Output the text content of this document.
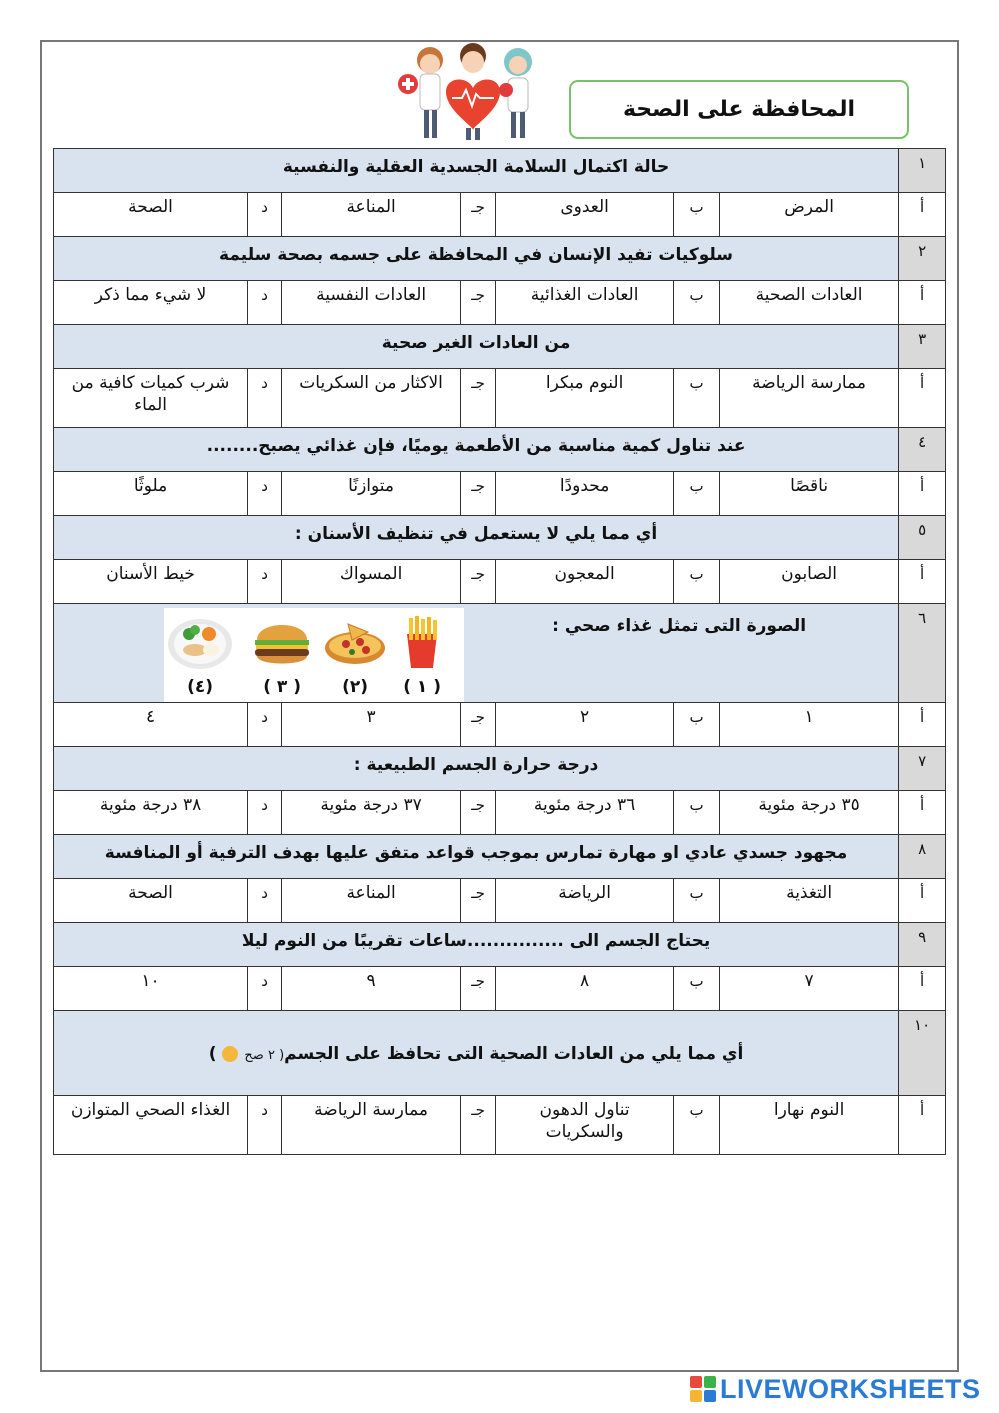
المحافظة على الصحة
١	حالة اكتمال السلامة الجسدية العقلية والنفسية						
أ	المرض	ب	العدوى	جـ	المناعة	د	الصحة
٢	سلوكيات تفيد الإنسان في المحافظة على جسمه بصحة سليمة						
أ	العادات الصحية	ب	العادات الغذائية	جـ	العادات النفسية	د	لا شيء مما ذكر
٣	من العادات الغير صحية						
أ	ممارسة الرياضة	ب	النوم مبكرا	جـ	الاكثار من السكريات	د	شرب كميات كافية من الماء
٤	عند تناول كمية مناسبة من الأطعمة يوميًا، فإن غذائي يصبح........						
أ	ناقصًا	ب	محدودًا	جـ	متوازنًا	د	ملوثًا
٥	أي مما يلي لا يستعمل في تنظيف الأسنان :						
أ	الصابون	ب	المعجون	جـ	المسواك	د	خيط الأسنان
٦	الصورة التى تمثل غذاء صحي :
( ١ )
(٢)
( ٣ )
(٤)						

أ	١	ب	٢	جـ	٣	د	٤
٧	درجة حرارة الجسم الطبيعية :						
أ	٣٥ درجة مئوية	ب	٣٦ درجة مئوية	جـ	٣٧ درجة مئوية	د	٣٨ درجة مئوية
٨	مجهود جسدي عادي او مهارة تمارس بموجب قواعد متفق عليها بهدف الترفية أو المنافسة						
أ	التغذية	ب	الرياضة	جـ	المناعة	د	الصحة
٩	يحتاج الجسم الى ...............ساعات تقريبًا من النوم ليلا						
أ	٧	ب	٨	جـ	٩	د	١٠
١٠	أي مما يلي من العادات الصحية التى تحافظ على الجسم( ٢ صح  )						
أ	النوم نهارا	ب	تناول الدهون والسكريات	جـ	ممارسة الرياضة	د	الغذاء الصحي المتوازن
LIVEWORKSHEETS
